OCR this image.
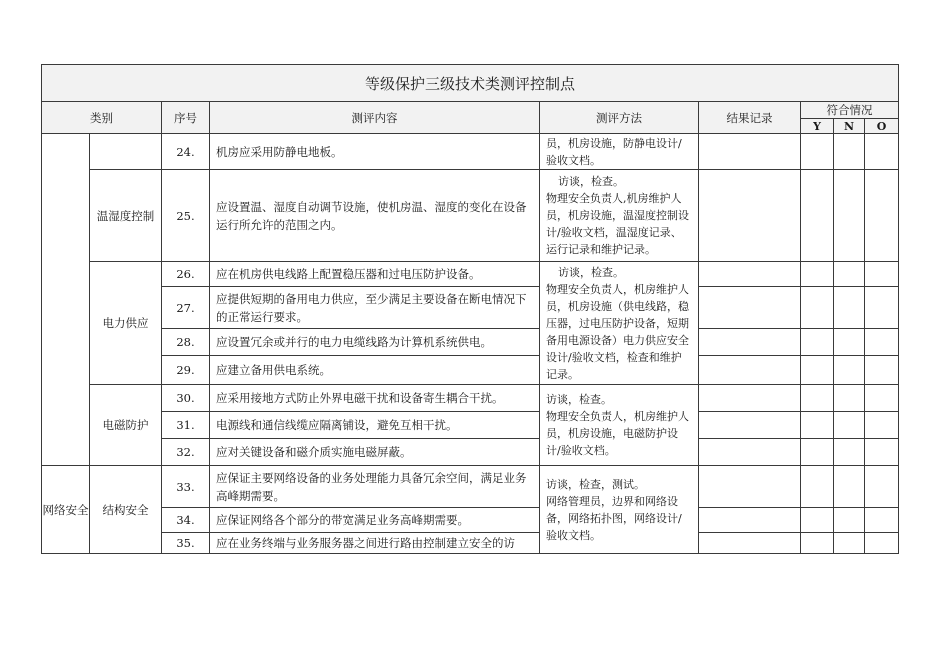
等级保护三级技术类测评控制点								
类别		序号	测评内容	测评方法	结果记录	符合情况		
						Y	N	O
		24.	机房应采用防静电地板。	员，机房设施，防静电设计/验收文档。				
	温湿度控制	25.	应设置温、湿度自动调节设施，使机房温、湿度的变化在设备运行所允许的范围之内。	访谈，检查。
物理安全负责人,机房维护人员，机房设施，温湿度控制设计/验收文档，温湿度记录、运行记录和维护记录。				

	电力供应	26.	应在机房供电线路上配置稳压器和过电压防护设备。	访谈，检查。
物理安全负责人，机房维护人员，机房设施（供电线路，稳压器，过电压防护设备，短期备用电源设备）电力供应安全设计/验收文档，检查和维护记录。				

		27.	应提供短期的备用电力供应，至少满足主要设备在断电情况下的正常运行要求。					
		28.	应设置冗余或并行的电力电缆线路为计算机系统供电。					
		29.	应建立备用供电系统。					
	电磁防护	30.	应采用接地方式防止外界电磁干扰和设备寄生耦合干扰。	访谈，检查。
物理安全负责人，机房维护人员，机房设施，电磁防护设计/验收文档。				

		31.	电源线和通信线缆应隔离铺设，避免互相干扰。					
		32.	应对关键设备和磁介质实施电磁屏蔽。					
网络安全	结构安全	33.	应保证主要网络设备的业务处理能力具备冗余空间，满足业务高峰期需要。	访谈，检查，测试。
网络管理员，边界和网络设备，网络拓扑图，网络设计/验收文档。				

		34.	应保证网络各个部分的带宽满足业务高峰期需要。					
		35.	应在业务终端与业务服务器之间进行路由控制建立安全的访					
